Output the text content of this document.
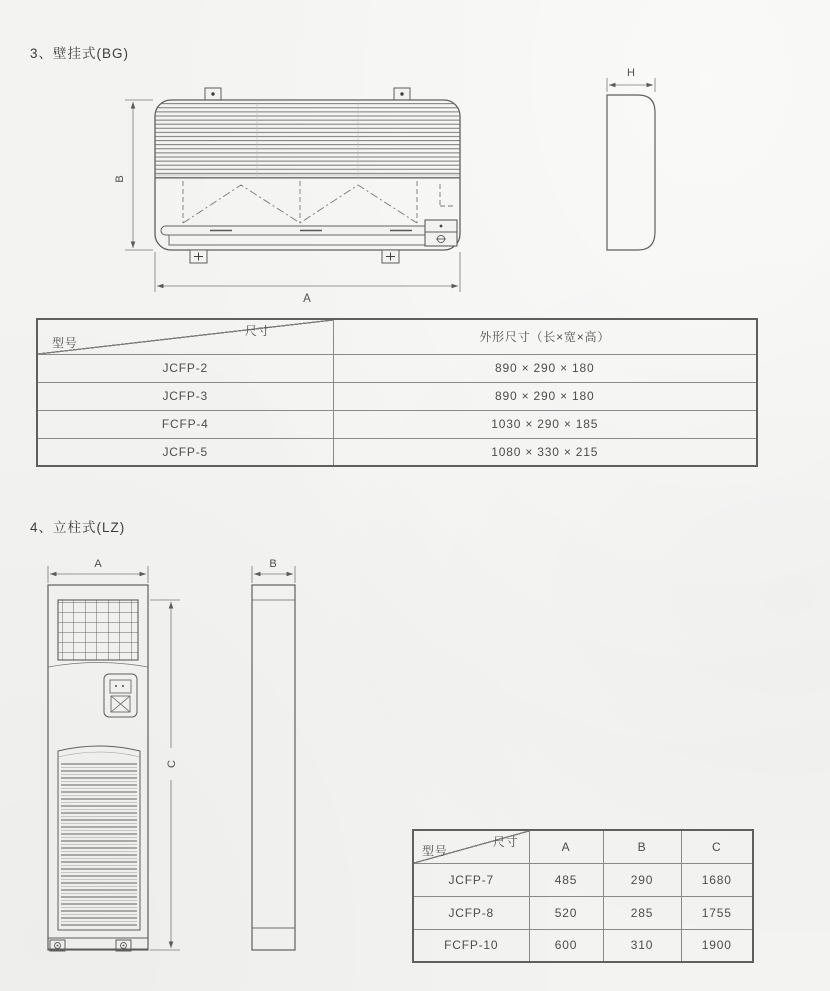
3、壁挂式(BG)
B
A
H
尺寸
型号	外形尺寸（长×宽×高）
JCFP-2	890 × 290 × 180
JCFP-3	890 × 290 × 180
FCFP-4	1030 × 290 × 185
JCFP-5	1080 × 330 × 215
4、立柱式(LZ)
A
C
B
尺寸
型号	A	B	C
JCFP-7	485	290	1680
JCFP-8	520	285	1755
FCFP-10	600	310	1900
